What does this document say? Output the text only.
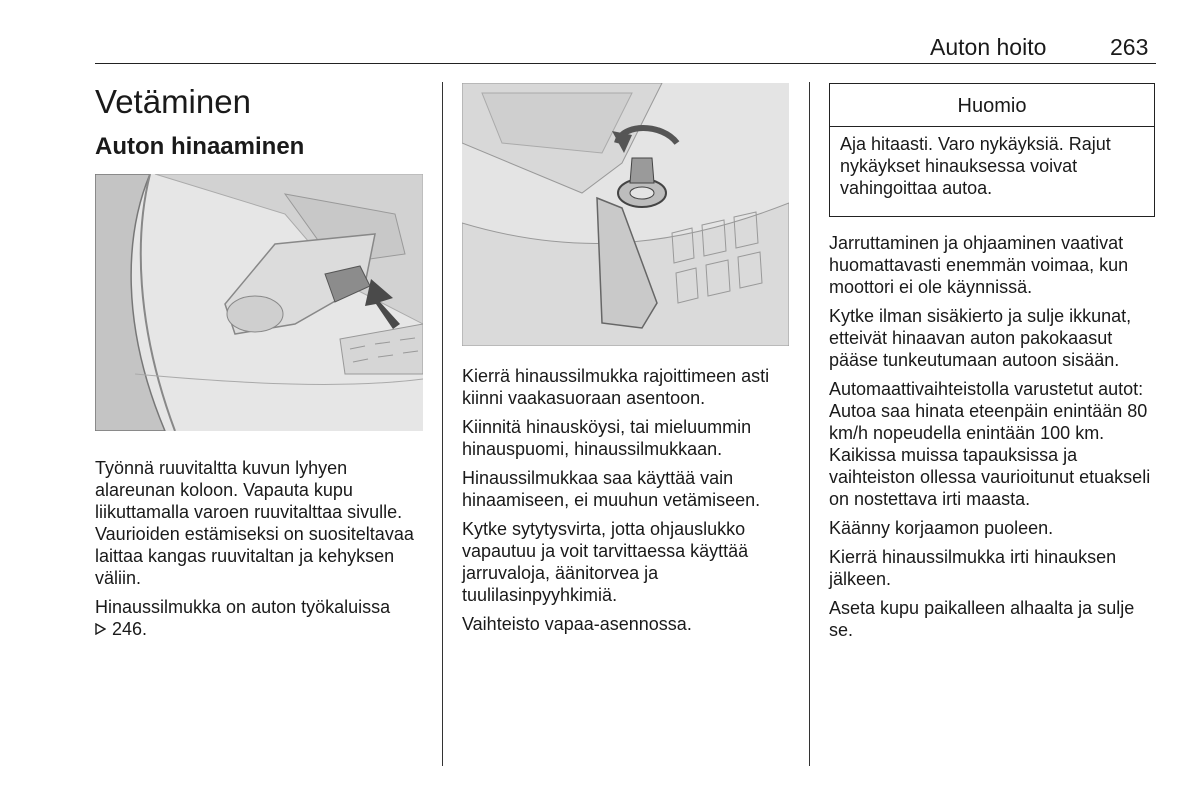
Auton hoito	263
Vetäminen
Auton hinaaminen

Työnnä ruuvitaltta kuvun lyhyen alareunan koloon. Vapauta kupu liikuttamalla varoen ruuvitalttaa sivulle. Vaurioiden estämiseksi on suositeltavaa laittaa kangas ruuvitaltan ja kehyksen väliin.

Hinaussilmukka on auton työkaluissa
246.

Kierrä hinaussilmukka rajoittimeen asti kiinni vaakasuoraan asentoon.

Kiinnitä hinausköysi, tai mieluummin hinauspuomi, hinaussilmukkaan.

Hinaussilmukkaa saa käyttää vain hinaamiseen, ei muuhun vetämiseen.

Kytke sytytysvirta, jotta ohjauslukko vapautuu ja voit tarvittaessa käyttää jarruvaloja, äänitorvea ja tuulilasinpyyhkimiä.

Vaihteisto vapaa-asennossa.

Huomio
Aja hitaasti. Varo nykäyksiä. Rajut nykäykset hinauksessa voivat vahingoittaa autoa.

Jarruttaminen ja ohjaaminen vaativat huomattavasti enemmän voimaa, kun moottori ei ole käynnissä.

Kytke ilman sisäkierto ja sulje ikkunat, etteivät hinaavan auton pakokaasut pääse tunkeutumaan autoon sisään.

Automaattivaihteistolla varustetut autot: Autoa saa hinata eteenpäin enintään 80 km/h nopeudella enintään 100 km. Kaikissa muissa tapauksissa ja vaihteiston ollessa vaurioitunut etuakseli on nostettava irti maasta.

Käänny korjaamon puoleen.

Kierrä hinaussilmukka irti hinauksen jälkeen.

Aseta kupu paikalleen alhaalta ja sulje se.
